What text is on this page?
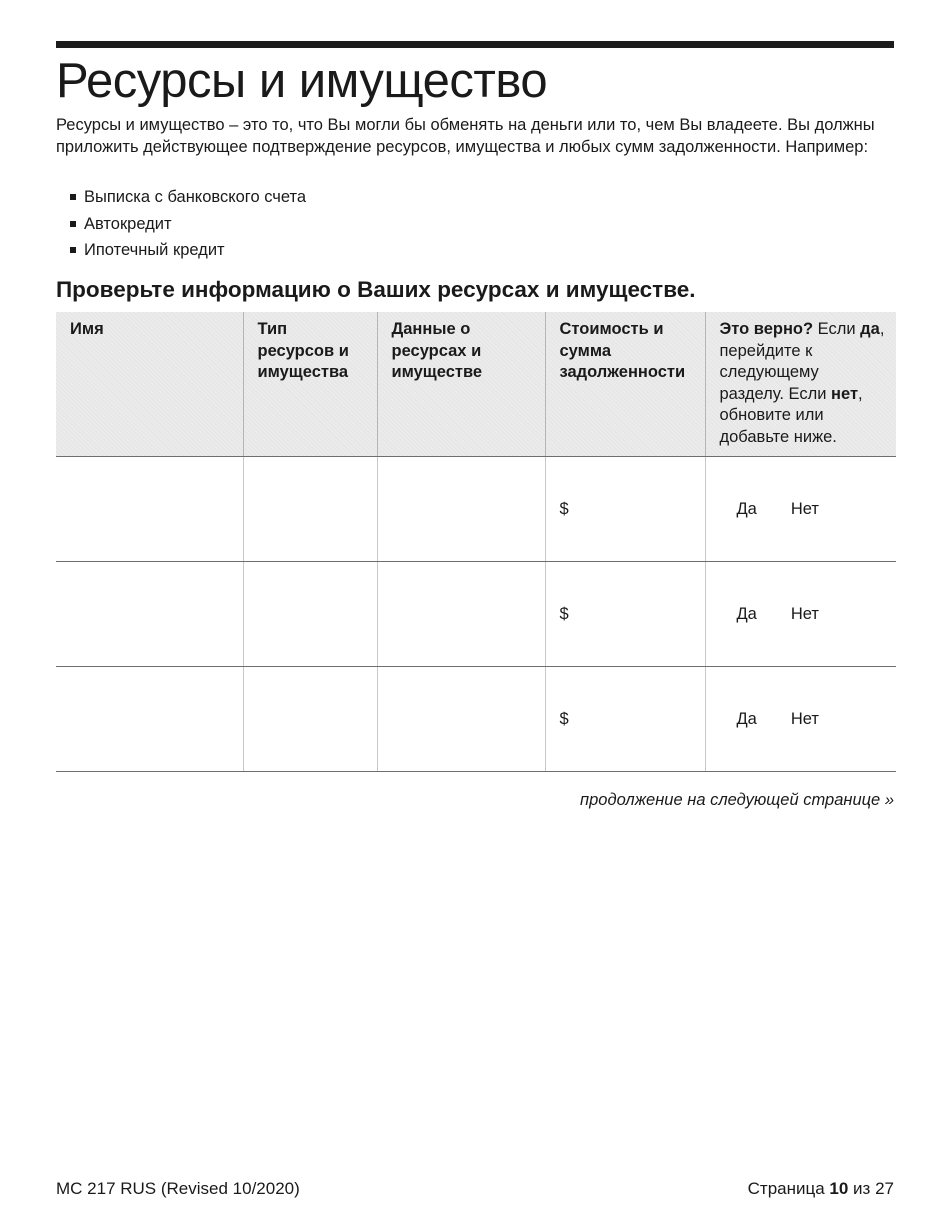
Ресурсы и имущество

Ресурсы и имущество – это то, что Вы могли бы обменять на деньги или то, чем Вы владеете. Вы должны приложить действующее подтверждение ресурсов, имущества и любых сумм задолженности. Например:

Выписка с банковского счета
Автокредит
Ипотечный кредит
Проверьте информацию о Ваших ресурсах и имуществе.
Имя	Тип ресурсов и имущества	Данные о ресурсах и имуществе	Стоимость и сумма задолженности	Это верно? Если да, перейдите к следующему разделу. Если нет, обновите или добавьте ниже.
			$	Да Нет

			$	Да Нет

			$	Да Нет

продолжение на следующей странице »

MC 217 RUS (Revised 10/2020)	Страница 10 из 27
